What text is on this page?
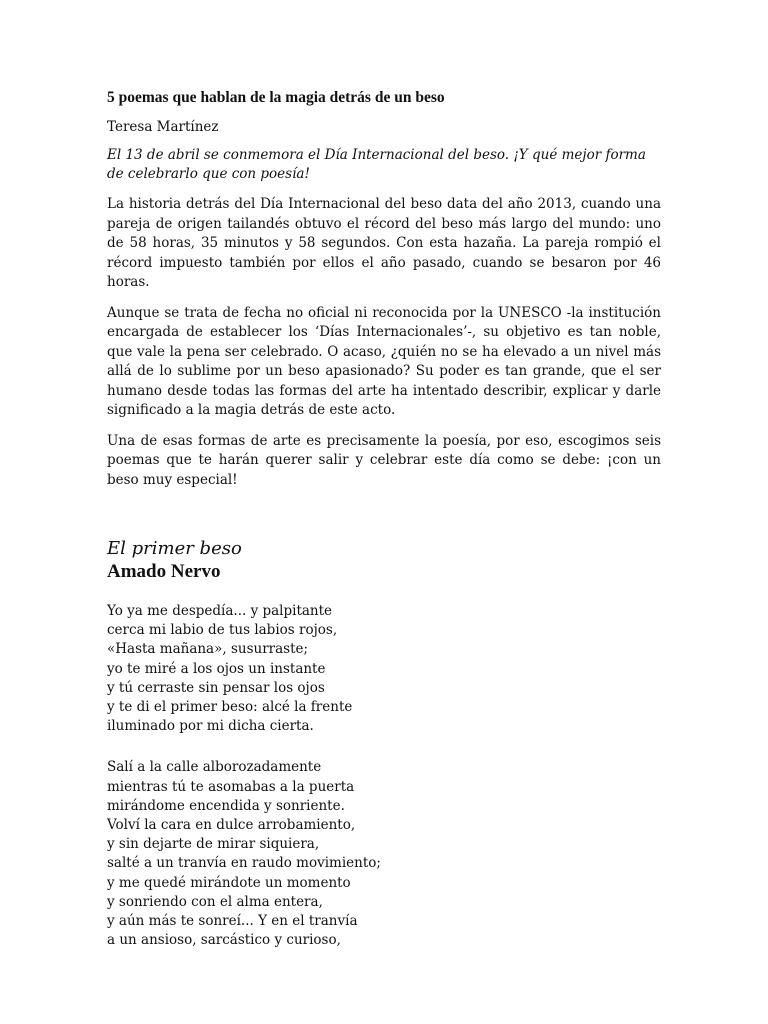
5 poemas que hablan de la magia detrás de un beso
Teresa Martínez
El 13 de abril se conmemora el Día Internacional del beso. ¡Y qué mejor forma de celebrarlo que con poesía!
La historia detrás del Día Internacional del beso data del año 2013, cuando una pareja de origen tailandés obtuvo el récord del beso más largo del mundo: uno de 58 horas, 35 minutos y 58 segundos. Con esta hazaña. La pareja rompió el récord impuesto también por ellos el año pasado, cuando se besaron por 46 horas.
Aunque se trata de fecha no oficial ni reconocida por la UNESCO -la institución encargada de establecer los ‘Días Internacionales’-, su objetivo es tan noble, que vale la pena ser celebrado. O acaso, ¿quién no se ha elevado a un nivel más allá de lo sublime por un beso apasionado? Su poder es tan grande, que el ser humano desde todas las formas del arte ha intentado describir, explicar y darle significado a la magia detrás de este acto.
Una de esas formas de arte es precisamente la poesía, por eso, escogimos seis poemas que te harán querer salir y celebrar este día como se debe: ¡con un beso muy especial!
El primer beso
Amado Nervo
Yo ya me despedía... y palpitante
cerca mi labio de tus labios rojos,
«Hasta mañana», susurraste;
yo te miré a los ojos un instante
y tú cerraste sin pensar los ojos
y te di el primer beso: alcé la frente
iluminado por mi dicha cierta.
Salí a la calle alborozadamente
mientras tú te asomabas a la puerta
mirándome encendida y sonriente.
Volví la cara en dulce arrobamiento,
y sin dejarte de mirar siquiera,
salté a un tranvía en raudo movimiento;
y me quedé mirándote un momento
y sonriendo con el alma entera,
y aún más te sonreí... Y en el tranvía
a un ansioso, sarcástico y curioso,
